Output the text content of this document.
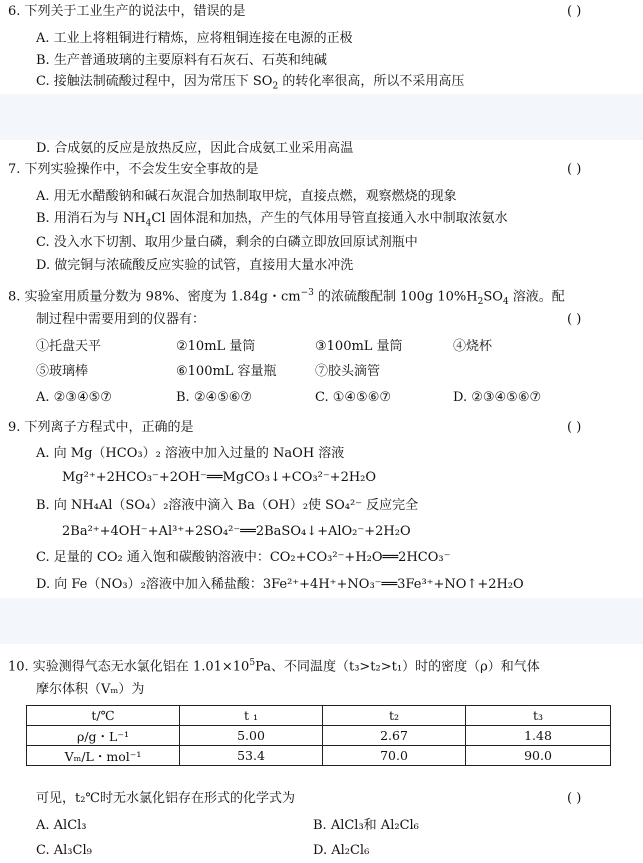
6. 下列关于工业生产的说法中，错误的是	( )
A. 工业上将粗铜进行精炼，应将粗铜连接在电源的正极
B. 生产普通玻璃的主要原料有石灰石、石英和纯碱
C. 接触法制硫酸过程中，因为常压下 $SO_2$ 的转化率很高，所以不采用高压
D. 合成氨的反应是放热反应，因此合成氨工业采用高温
7. 下列实验操作中，不会发生安全事故的是	( )
A. 用无水醋酸钠和碱石灰混合加热制取甲烷，直接点燃，观察燃烧的现象
B. 用消石为与 $NH_4Cl$ 固体混和加热，产生的气体用导管直接通入水中制取浓氨水
C. 没入水下切割、取用少量白磷，剩余的白磷立即放回原试剂瓶中
D. 做完铜与浓硫酸反应实验的试管，直接用大量水冲洗
8. 实验室用质量分数为 98%、密度为 1.84g・$cm^{-3}$ 的浓硫酸配制 100g $10\%H_2SO_4$ 溶液。配
制过程中需要用到的仪器有：	( )
①托盘天平	②10mL 量筒	③100mL 量筒	④烧杯
⑤玻璃棒	⑥100mL 容量瓶	⑦胶头滴管
A. ②③④⑤⑦	B. ②④⑤⑥⑦	C. ①④⑤⑥⑦	D. ②③④⑤⑥⑦
9. 下列离子方程式中，正确的是	( )
A. 向 Mg（HCO₃）₂ 溶液中加入过量的 NaOH 溶液
Mg²⁺+2HCO₃⁻+2OH⁻══MgCO₃↓+CO₃²⁻+2H₂O
B. 向 NH₄Al（SO₄）₂溶液中滴入 Ba（OH）₂使 SO₄²⁻ 反应完全
2Ba²⁺+4OH⁻+Al³⁺+2SO₄²⁻══2BaSO₄↓+AlO₂⁻+2H₂O
C. 足量的 CO₂ 通入饱和碳酸钠溶液中：CO₂+CO₃²⁻+H₂O══2HCO₃⁻
D. 向 Fe（NO₃）₂溶液中加入稀盐酸：3Fe²⁺+4H⁺+NO₃⁻══3Fe³⁺+NO↑+2H₂O
10. 实验测得气态无水氯化铝在 $1.01\times 10^5Pa$、不同温度（t₃>t₂>t₁）时的密度（ρ）和气体
摩尔体积（Vₘ）为
t/℃	t ₁	t₂	t₃
ρ/g・L⁻¹	5.00	2.67	1.48
Vₘ/L・mol⁻¹	53.4	70.0	90.0
可见，t₂℃时无水氯化铝存在形式的化学式为	( )
A. AlCl₃	B. AlCl₃和 Al₂Cl₆
C. Al₃Cl₉	D. Al₂Cl₆
